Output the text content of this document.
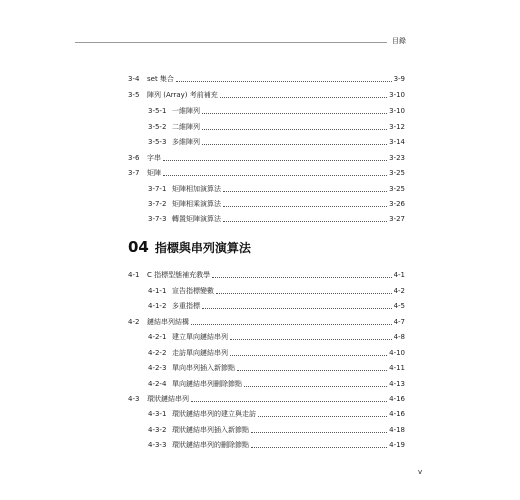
目錄
3-4	set 集合	3-9
3-5	陣列 (Array) 考前補充	3-10
3-5-1 一維陣列	3-10
3-5-2 二維陣列	3-12
3-5-3 多維陣列	3-14
3-6	字串	3-23
3-7	矩陣	3-25
3-7-1 矩陣相加演算法	3-25
3-7-2 矩陣相乘演算法	3-26
3-7-3 轉置矩陣演算法	3-27
04 指標與串列演算法
4-1	C 指標型態補充教學	4-1
4-1-1 宣告指標變數	4-2
4-1-2 多重指標	4-5
4-2	鏈結串列結構	4-7
4-2-1 建立單向鏈結串列	4-8
4-2-2 走訪單向鏈結串列	4-10
4-2-3 單向串列插入新節點	4-11
4-2-4 單向鏈結串列刪除節點	4-13
4-3	環狀鏈結串列	4-16
4-3-1 環狀鏈結串列的建立與走訪	4-16
4-3-2 環狀鏈結串列插入新節點	4-18
4-3-3 環狀鏈結串列的刪除節點	4-19
v
